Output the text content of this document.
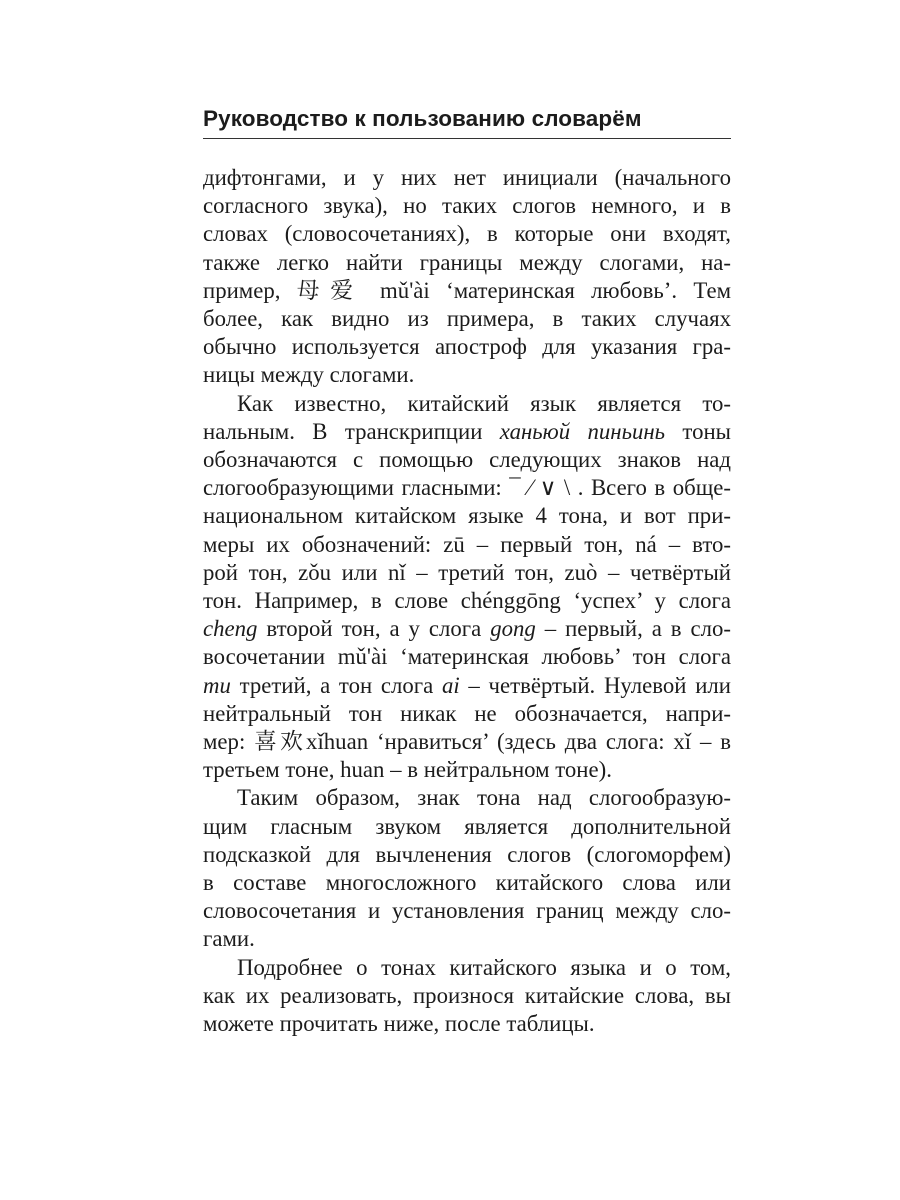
Руководство к пользованию словарём
дифтонгами, и у них нет инициали (начального
согласного звука), но таких слогов немного, и в
словах (словосочетаниях), в которые они входят,
также легко найти границы между слогами, на-
пример, 母爱 mǔ'ài ‘материнская любовь’. Тем
более, как видно из примера, в таких случаях
обычно используется апостроф для указания гра-
ницы между слогами.
Как известно, китайский язык является то-
нальным. В транскрипции ханьюй пиньинь тоны
обозначаются с помощью следующих знаков над
слогообразующими гласными: ¯ ⁄ ∨ \ . Всего в обще-
национальном китайском языке 4 тона, и вот при-
меры их обозначений: zū – первый тон, ná – вто-
рой тон, zǒu или nǐ – третий тон, zuò – четвёртый
тон. Например, в слове chénggōng ‘успех’ у слога
cheng второй тон, а у слога gong – первый, а в сло-
восочетании mǔ'ài ‘материнская любовь’ тон слога
mu третий, а тон слога ai – четвёртый. Нулевой или
нейтральный тон никак не обозначается, напри-
мер: 喜欢xǐhuan ‘нравиться’ (здесь два слога: xǐ – в
третьем тоне, huan – в нейтральном тоне).
Таким образом, знак тона над слогообразую-
щим гласным звуком является дополнительной
подсказкой для вычленения слогов (слогоморфем)
в составе многосложного китайского слова или
словосочетания и установления границ между сло-
гами.
Подробнее о тонах китайского языка и о том,
как их реализовать, произнося китайские слова, вы
можете прочитать ниже, после таблицы.
